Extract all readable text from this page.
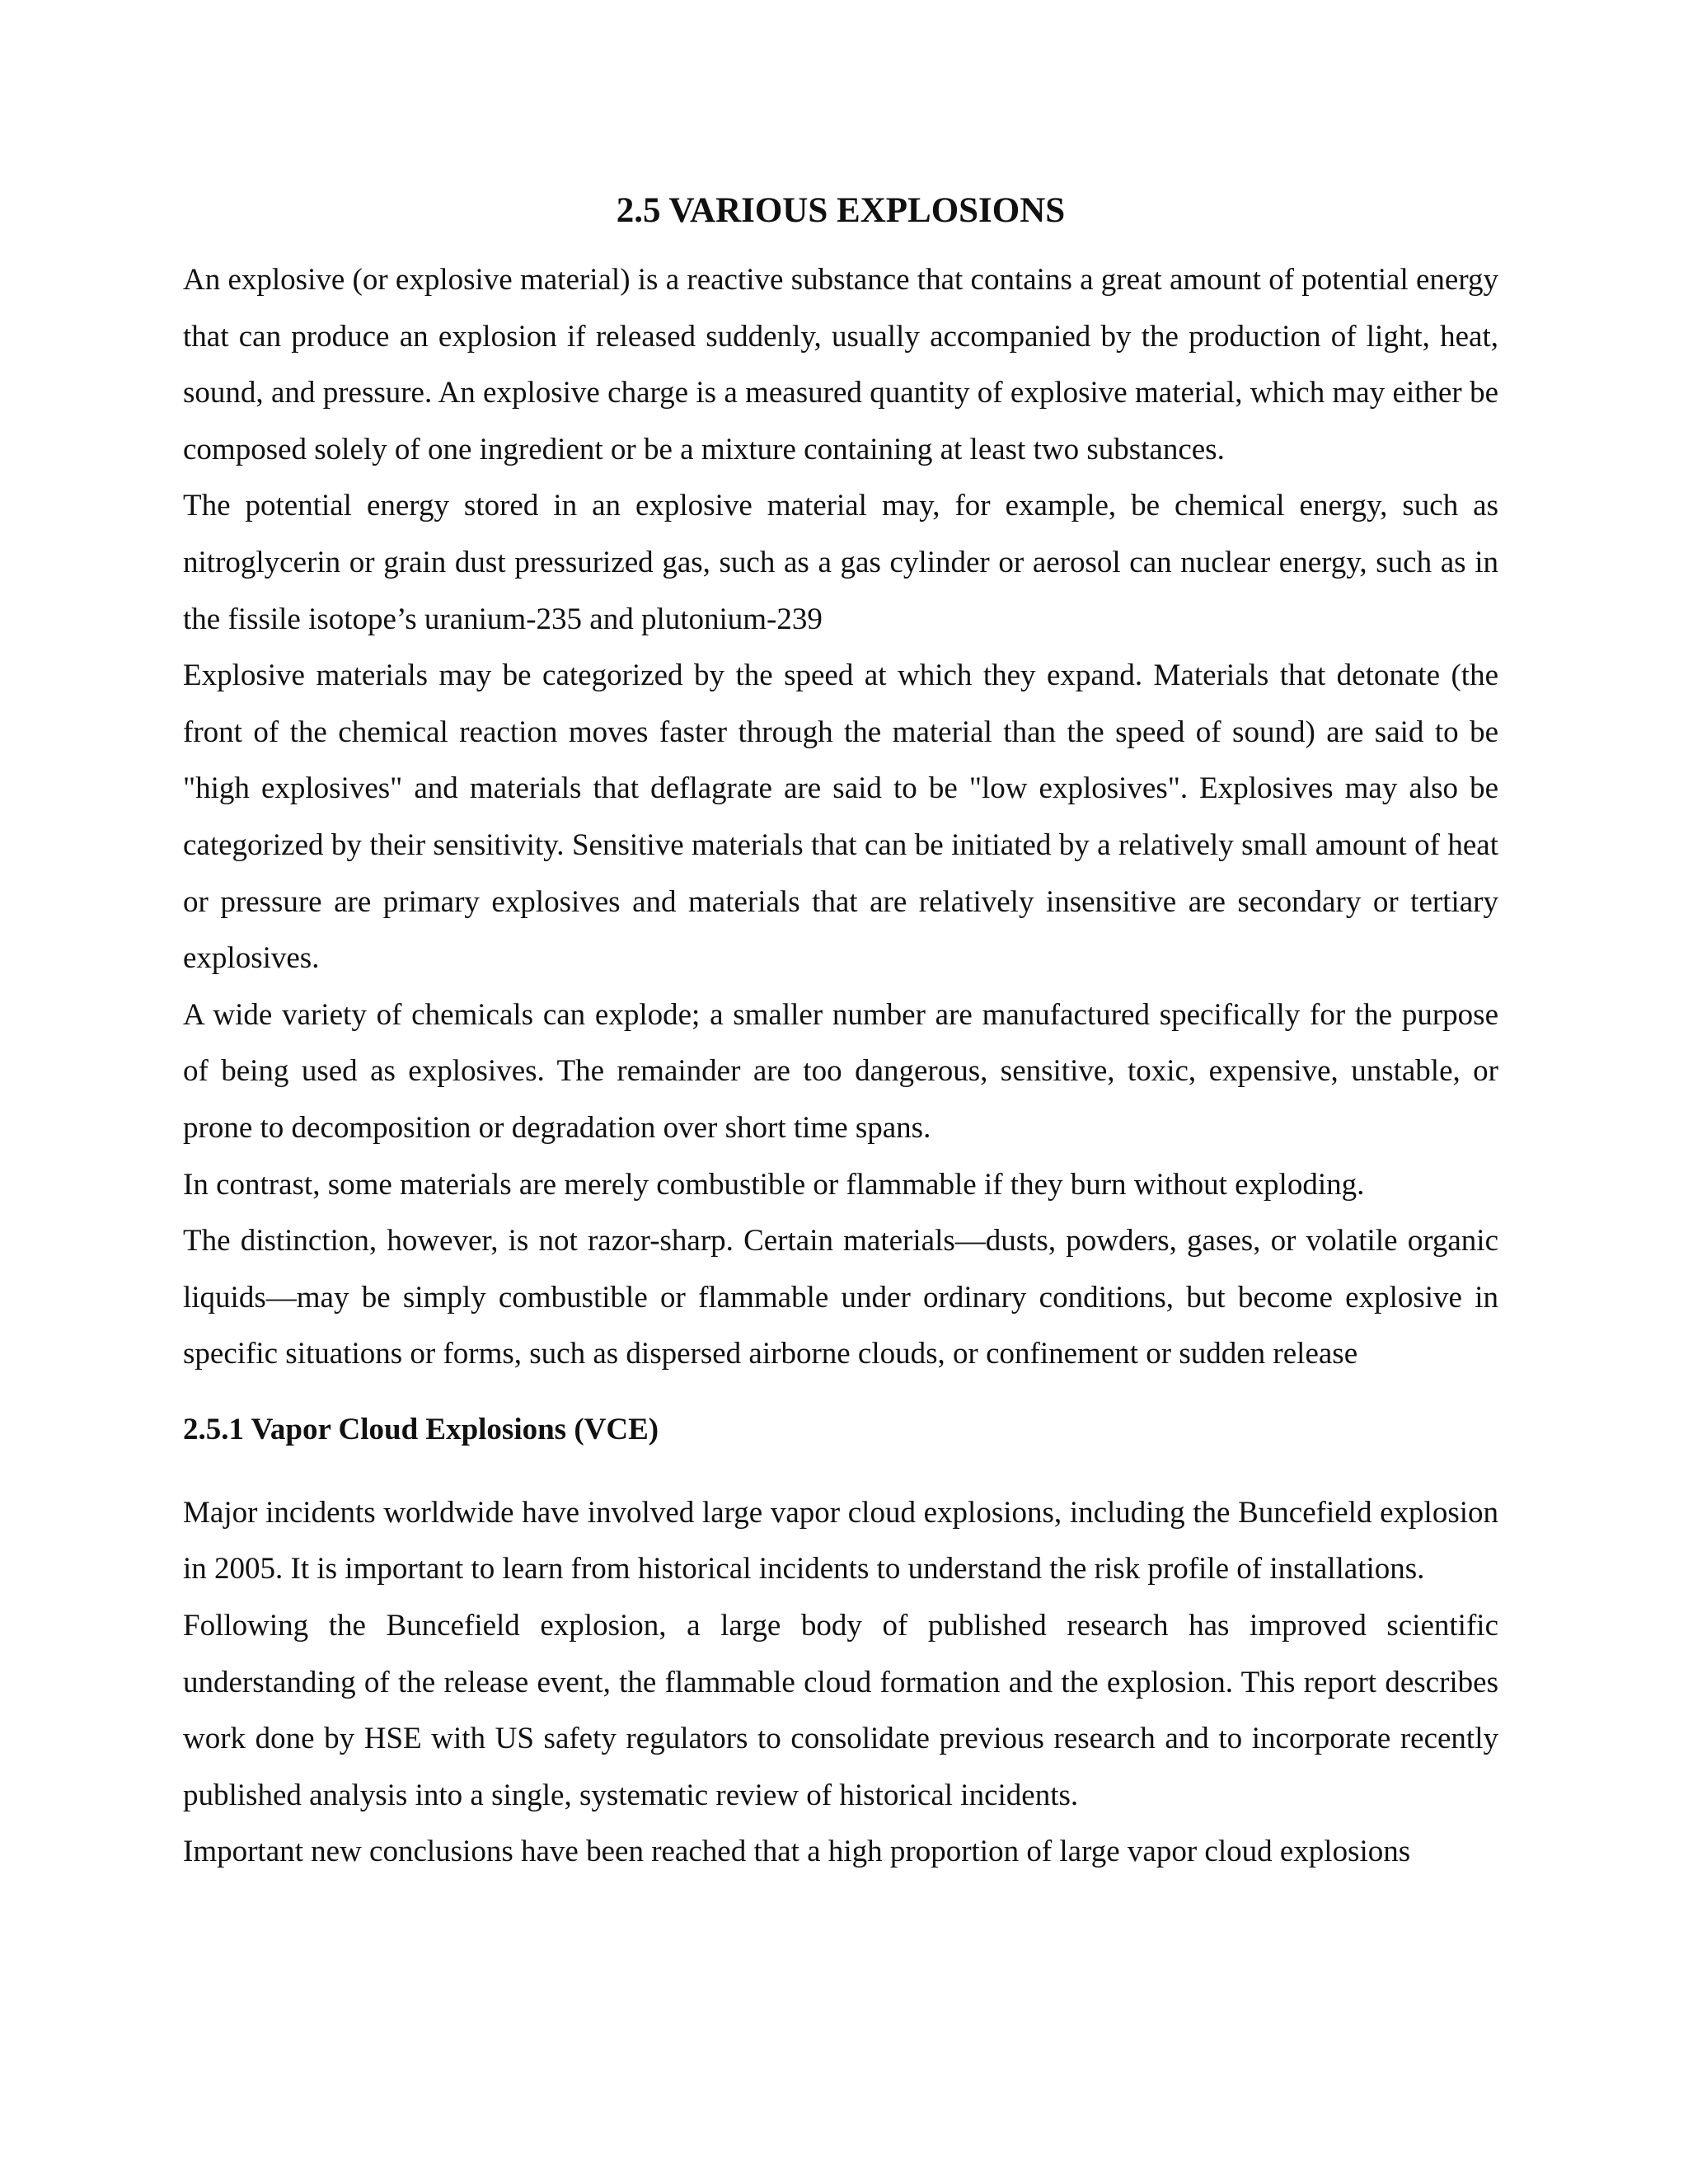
2.5 VARIOUS EXPLOSIONS

An explosive (or explosive material) is a reactive substance that contains a great amount of potential energy that can produce an explosion if released suddenly, usually accompanied by the production of light, heat, sound, and pressure. An explosive charge is a measured quantity of explosive material, which may either be composed solely of one ingredient or be a mixture containing at least two substances.

The potential energy stored in an explosive material may, for example, be chemical energy, such as nitroglycerin or grain dust pressurized gas, such as a gas cylinder or aerosol can nuclear energy, such as in the fissile isotope’s uranium-235 and plutonium-239

Explosive materials may be categorized by the speed at which they expand. Materials that detonate (the front of the chemical reaction moves faster through the material than the speed of sound) are said to be "high explosives" and materials that deflagrate are said to be "low explosives". Explosives may also be categorized by their sensitivity. Sensitive materials that can be initiated by a relatively small amount of heat or pressure are primary explosives and materials that are relatively insensitive are secondary or tertiary explosives.

A wide variety of chemicals can explode; a smaller number are manufactured specifically for the purpose of being used as explosives. The remainder are too dangerous, sensitive, toxic, expensive, unstable, or prone to decomposition or degradation over short time spans.

In contrast, some materials are merely combustible or flammable if they burn without exploding.

The distinction, however, is not razor-sharp. Certain materials—dusts, powders, gases, or volatile organic liquids—may be simply combustible or flammable under ordinary conditions, but become explosive in specific situations or forms, such as dispersed airborne clouds, or confinement or sudden release

2.5.1 Vapor Cloud Explosions (VCE)

Major incidents worldwide have involved large vapor cloud explosions, including the Buncefield explosion in 2005. It is important to learn from historical incidents to understand the risk profile of installations.

Following the Buncefield explosion, a large body of published research has improved scientific understanding of the release event, the flammable cloud formation and the explosion. This report describes work done by HSE with US safety regulators to consolidate previous research and to incorporate recently published analysis into a single, systematic review of historical incidents.

Important new conclusions have been reached that a high proportion of large vapor cloud explosions
